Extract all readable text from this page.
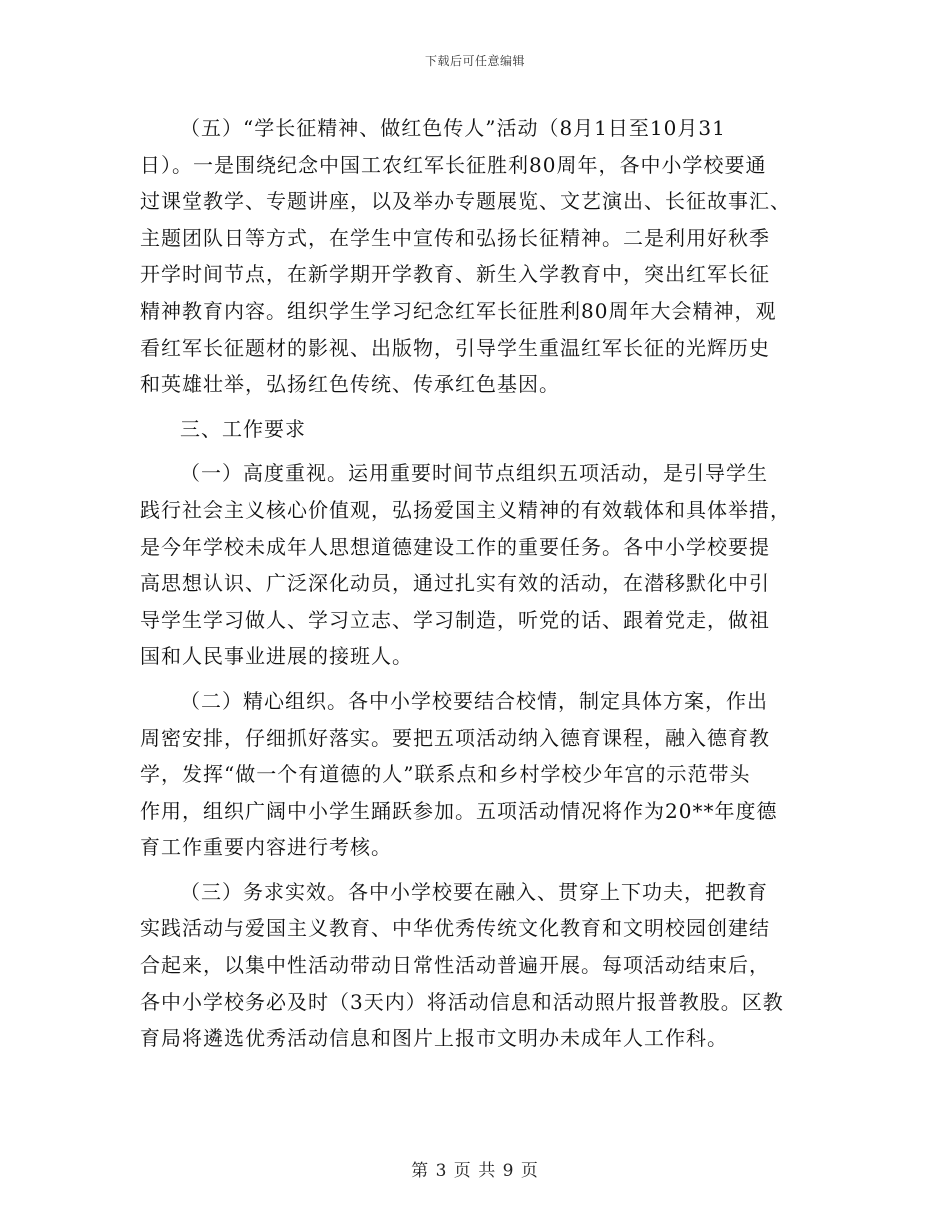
下载后可任意编辑
（五）“学长征精神、做红色传人”活动（8月1日至10月31
日）。一是围绕纪念中国工农红军长征胜利80周年，各中小学校要通
过课堂教学、专题讲座，以及举办专题展览、文艺演出、长征故事汇、
主题团队日等方式，在学生中宣传和弘扬长征精神。二是利用好秋季
开学时间节点，在新学期开学教育、新生入学教育中，突出红军长征
精神教育内容。组织学生学习纪念红军长征胜利80周年大会精神，观
看红军长征题材的影视、出版物，引导学生重温红军长征的光辉历史
和英雄壮举，弘扬红色传统、传承红色基因。
三、工作要求
（一）高度重视。运用重要时间节点组织五项活动，是引导学生
践行社会主义核心价值观，弘扬爱国主义精神的有效载体和具体举措，
是今年学校未成年人思想道德建设工作的重要任务。各中小学校要提
高思想认识、广泛深化动员，通过扎实有效的活动，在潜移默化中引
导学生学习做人、学习立志、学习制造，听党的话、跟着党走，做祖
国和人民事业进展的接班人。
（二）精心组织。各中小学校要结合校情，制定具体方案，作出
周密安排，仔细抓好落实。要把五项活动纳入德育课程，融入德育教
学，发挥“做一个有道德的人”联系点和乡村学校少年宫的示范带头
作用，组织广阔中小学生踊跃参加。五项活动情况将作为20**年度德
育工作重要内容进行考核。
（三）务求实效。各中小学校要在融入、贯穿上下功夫，把教育
实践活动与爱国主义教育、中华优秀传统文化教育和文明校园创建结
合起来，以集中性活动带动日常性活动普遍开展。每项活动结束后，
各中小学校务必及时（3天内）将活动信息和活动照片报普教股。区教
育局将遴选优秀活动信息和图片上报市文明办未成年人工作科。
第 3 页 共 9 页
